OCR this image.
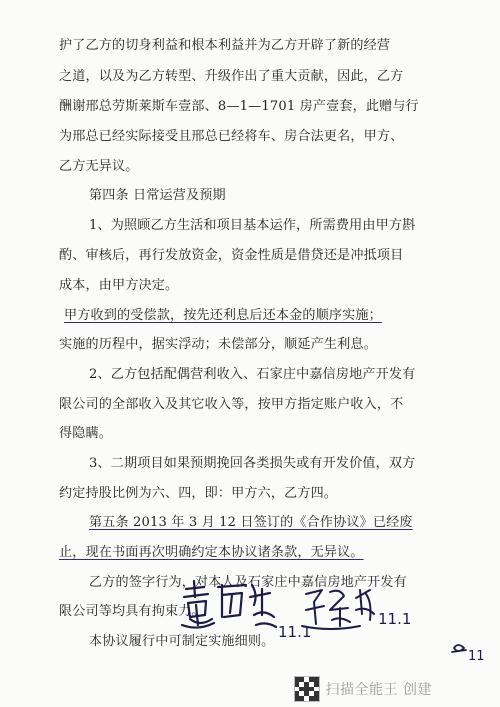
护了乙方的切身利益和根本利益并为乙方开辟了新的经营
之道，以及为乙方转型、升级作出了重大贡献，因此，乙方
酬谢邢总劳斯莱斯车壹部、8—1—1701 房产壹套，此赠与行
为邢总已经实际接受且邢总已经将车、房合法更名，甲方、
乙方无异议。
第四条 日常运营及预期
1、为照顾乙方生活和项目基本运作，所需费用由甲方斟
酌、审核后，再行发放资金，资金性质是借贷还是冲抵项目
成本，由甲方决定。
甲方收到的受偿款，按先还利息后还本金的顺序实施；
实施的历程中，据实浮动；未偿部分，顺延产生利息。
2、乙方包括配偶营利收入、石家庄中嘉信房地产开发有
限公司的全部收入及其它收入等，按甲方指定账户收入，不
得隐瞒。
3、二期项目如果预期挽回各类损失或有开发价值，双方
约定持股比例为六、四，即：甲方六，乙方四。
第五条 2013 年 3 月 12 日签订的《合作协议》已经废
止，现在书面再次明确约定本协议诸条款，无异议。
乙方的签字行为，对本人及石家庄中嘉信房地产开发有
限公司等均具有拘束力。
本协议履行中可制定实施细则。
11.1
11.1
11
扫描全能王 创建
